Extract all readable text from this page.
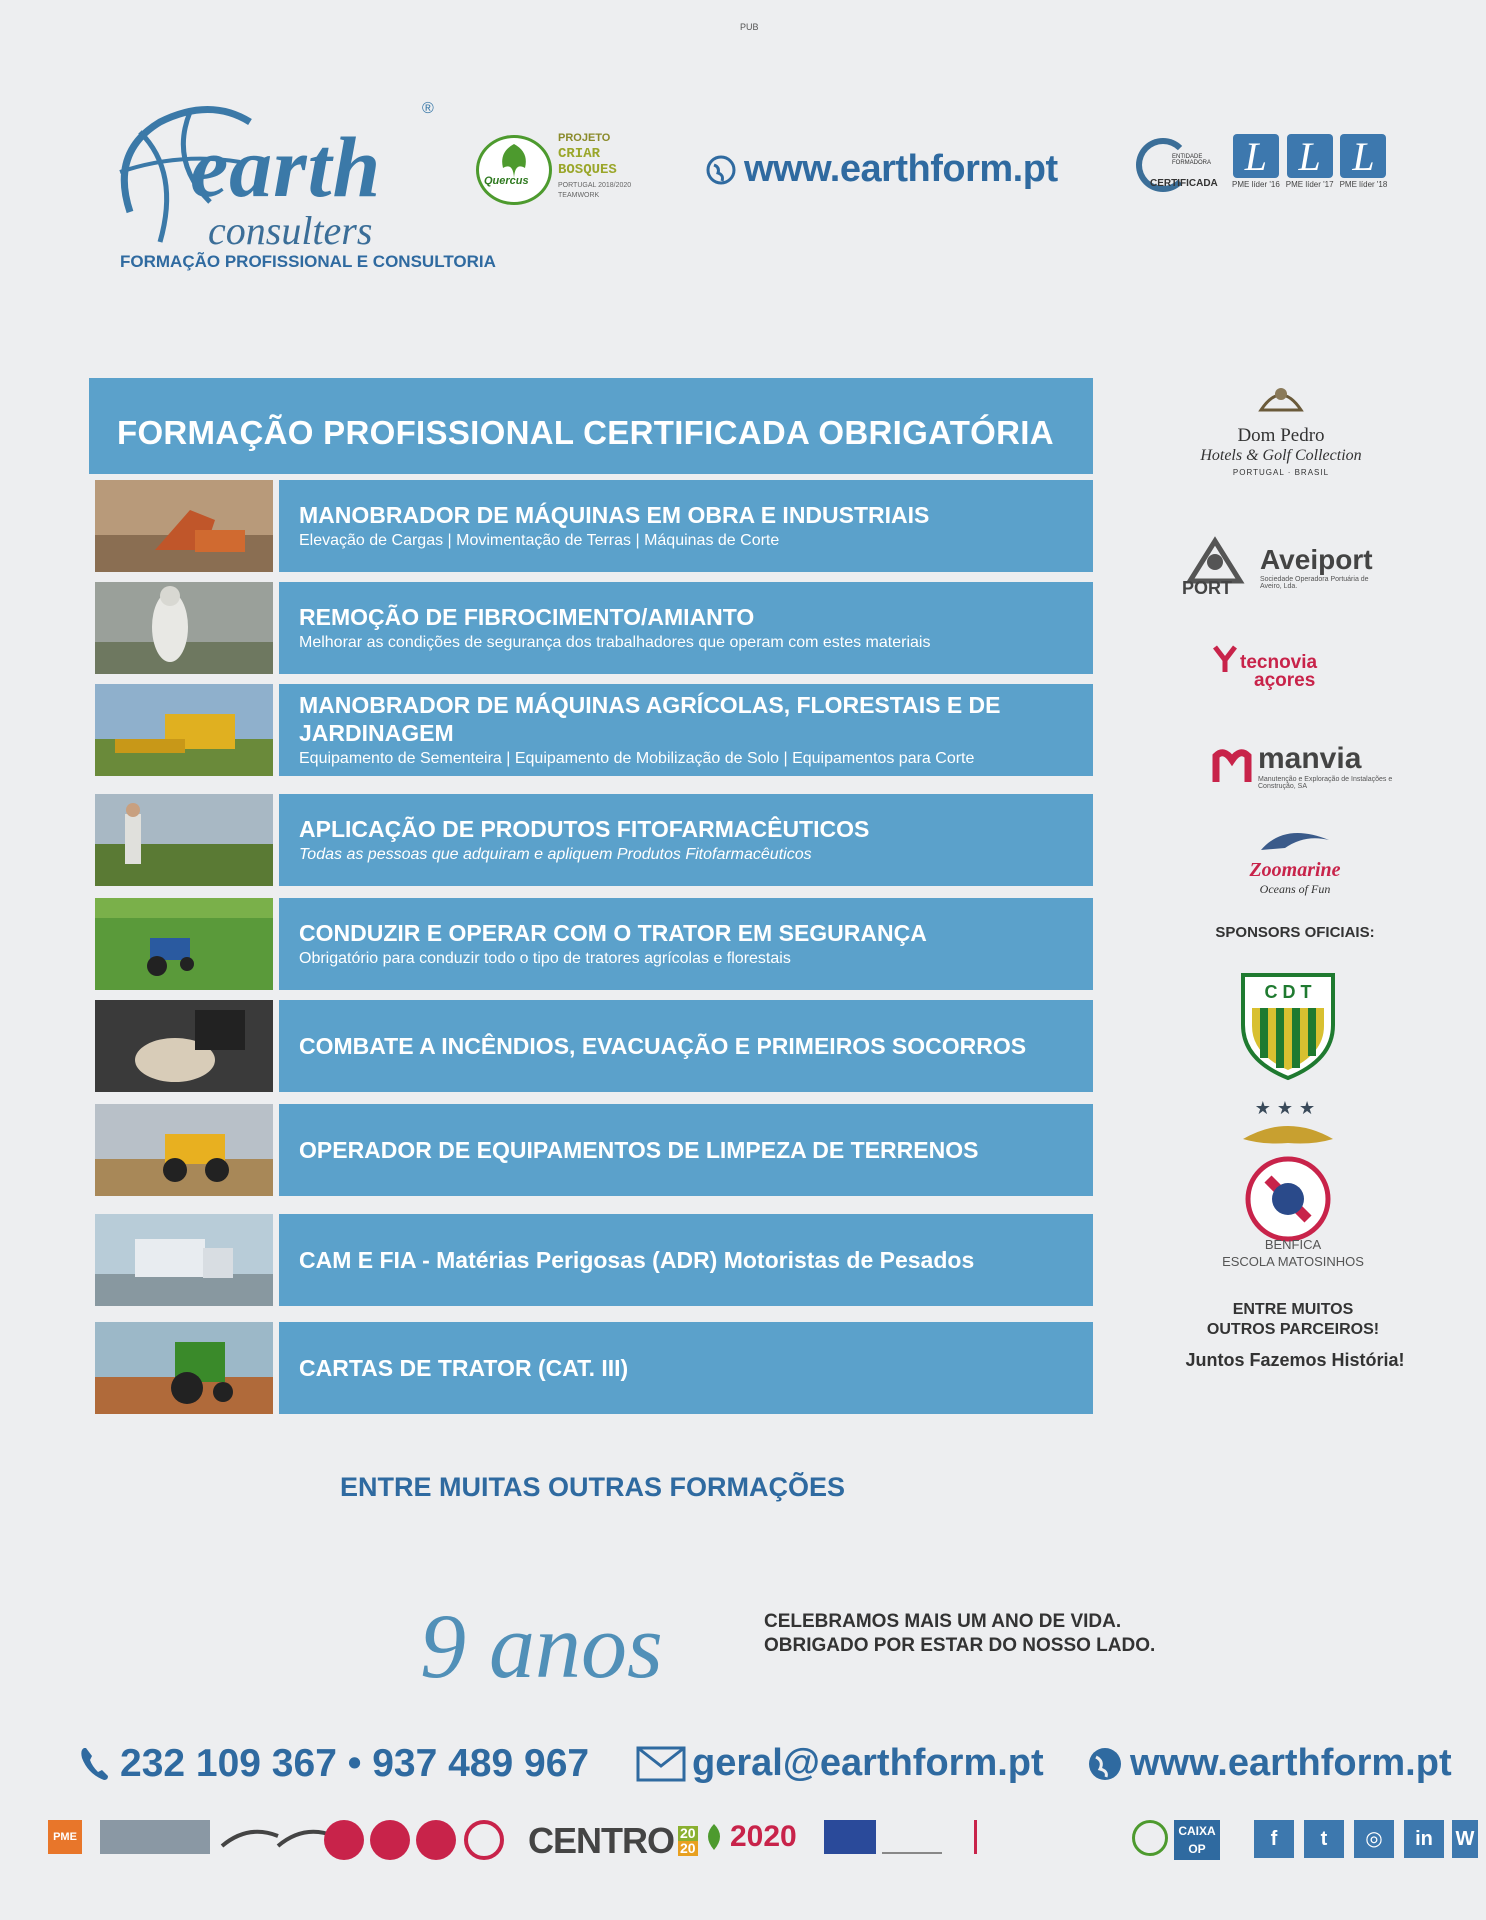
PUB
®
earth
consulters
FORMAÇÃO PROFISSIONAL E CONSULTORIA
Quercus
PROJETO
CRIAR
BOSQUES
PORTUGAL 2018/2020
TEAMWORK
www.earthform.pt	ENTIDADE FORMADORA
CERTIFICADA
L
PME líder '16
L
PME líder '17
L
PME líder '18
FORMAÇÃO PROFISSIONAL CERTIFICADA OBRIGATÓRIA
MANOBRADOR DE MÁQUINAS EM OBRA E INDUSTRIAIS
Elevação de Cargas | Movimentação de Terras | Máquinas de Corte
REMOÇÃO DE FIBROCIMENTO/AMIANTO
Melhorar as condições de segurança dos trabalhadores que operam com estes materiais
MANOBRADOR DE MÁQUINAS AGRÍCOLAS, FLORESTAIS E DE JARDINAGEM
Equipamento de Sementeira | Equipamento de Mobilização de Solo | Equipamentos para Corte
APLICAÇÃO DE PRODUTOS FITOFARMACÊUTICOS
Todas as pessoas que adquiram e apliquem Produtos Fitofarmacêuticos
CONDUZIR E OPERAR COM O TRATOR EM SEGURANÇA
Obrigatório para conduzir todo o tipo de tratores agrícolas e florestais
COMBATE A INCÊNDIOS, EVACUAÇÃO E PRIMEIROS SOCORROS
OPERADOR DE EQUIPAMENTOS DE LIMPEZA DE TERRENOS
CAM E FIA - Matérias Perigosas (ADR) Motoristas de Pesados
CARTAS DE TRATOR (CAT. III)
ENTRE MUITAS OUTRAS FORMAÇÕES
Dom Pedro
Hotels & Golf Collection
PORTUGAL · BRASIL
PORT
Aveiport
Sociedade Operadora Portuária de Aveiro, Lda.
tecnovia
açores
manvia
Manutenção e Exploração de Instalações e Construção, SA
Zoomarine
Oceans of Fun
SPONSORS OFICIAIS:
C D T
★★★
BENFICA
ESCOLA MATOSINHOS
ENTRE MUITOS
OUTROS PARCEIROS!
Juntos Fazemos História!
9 anos	CELEBRAMOS MAIS UM ANO DE VIDA.
OBRIGADO POR ESTAR DO NOSSO LADO.
232 109 367 • 937 489 967	geral@earthform.pt www.earthform.pt
PME	CENTRO 20
20 2020	CAIXA
OP	f	t	◎	in	W
